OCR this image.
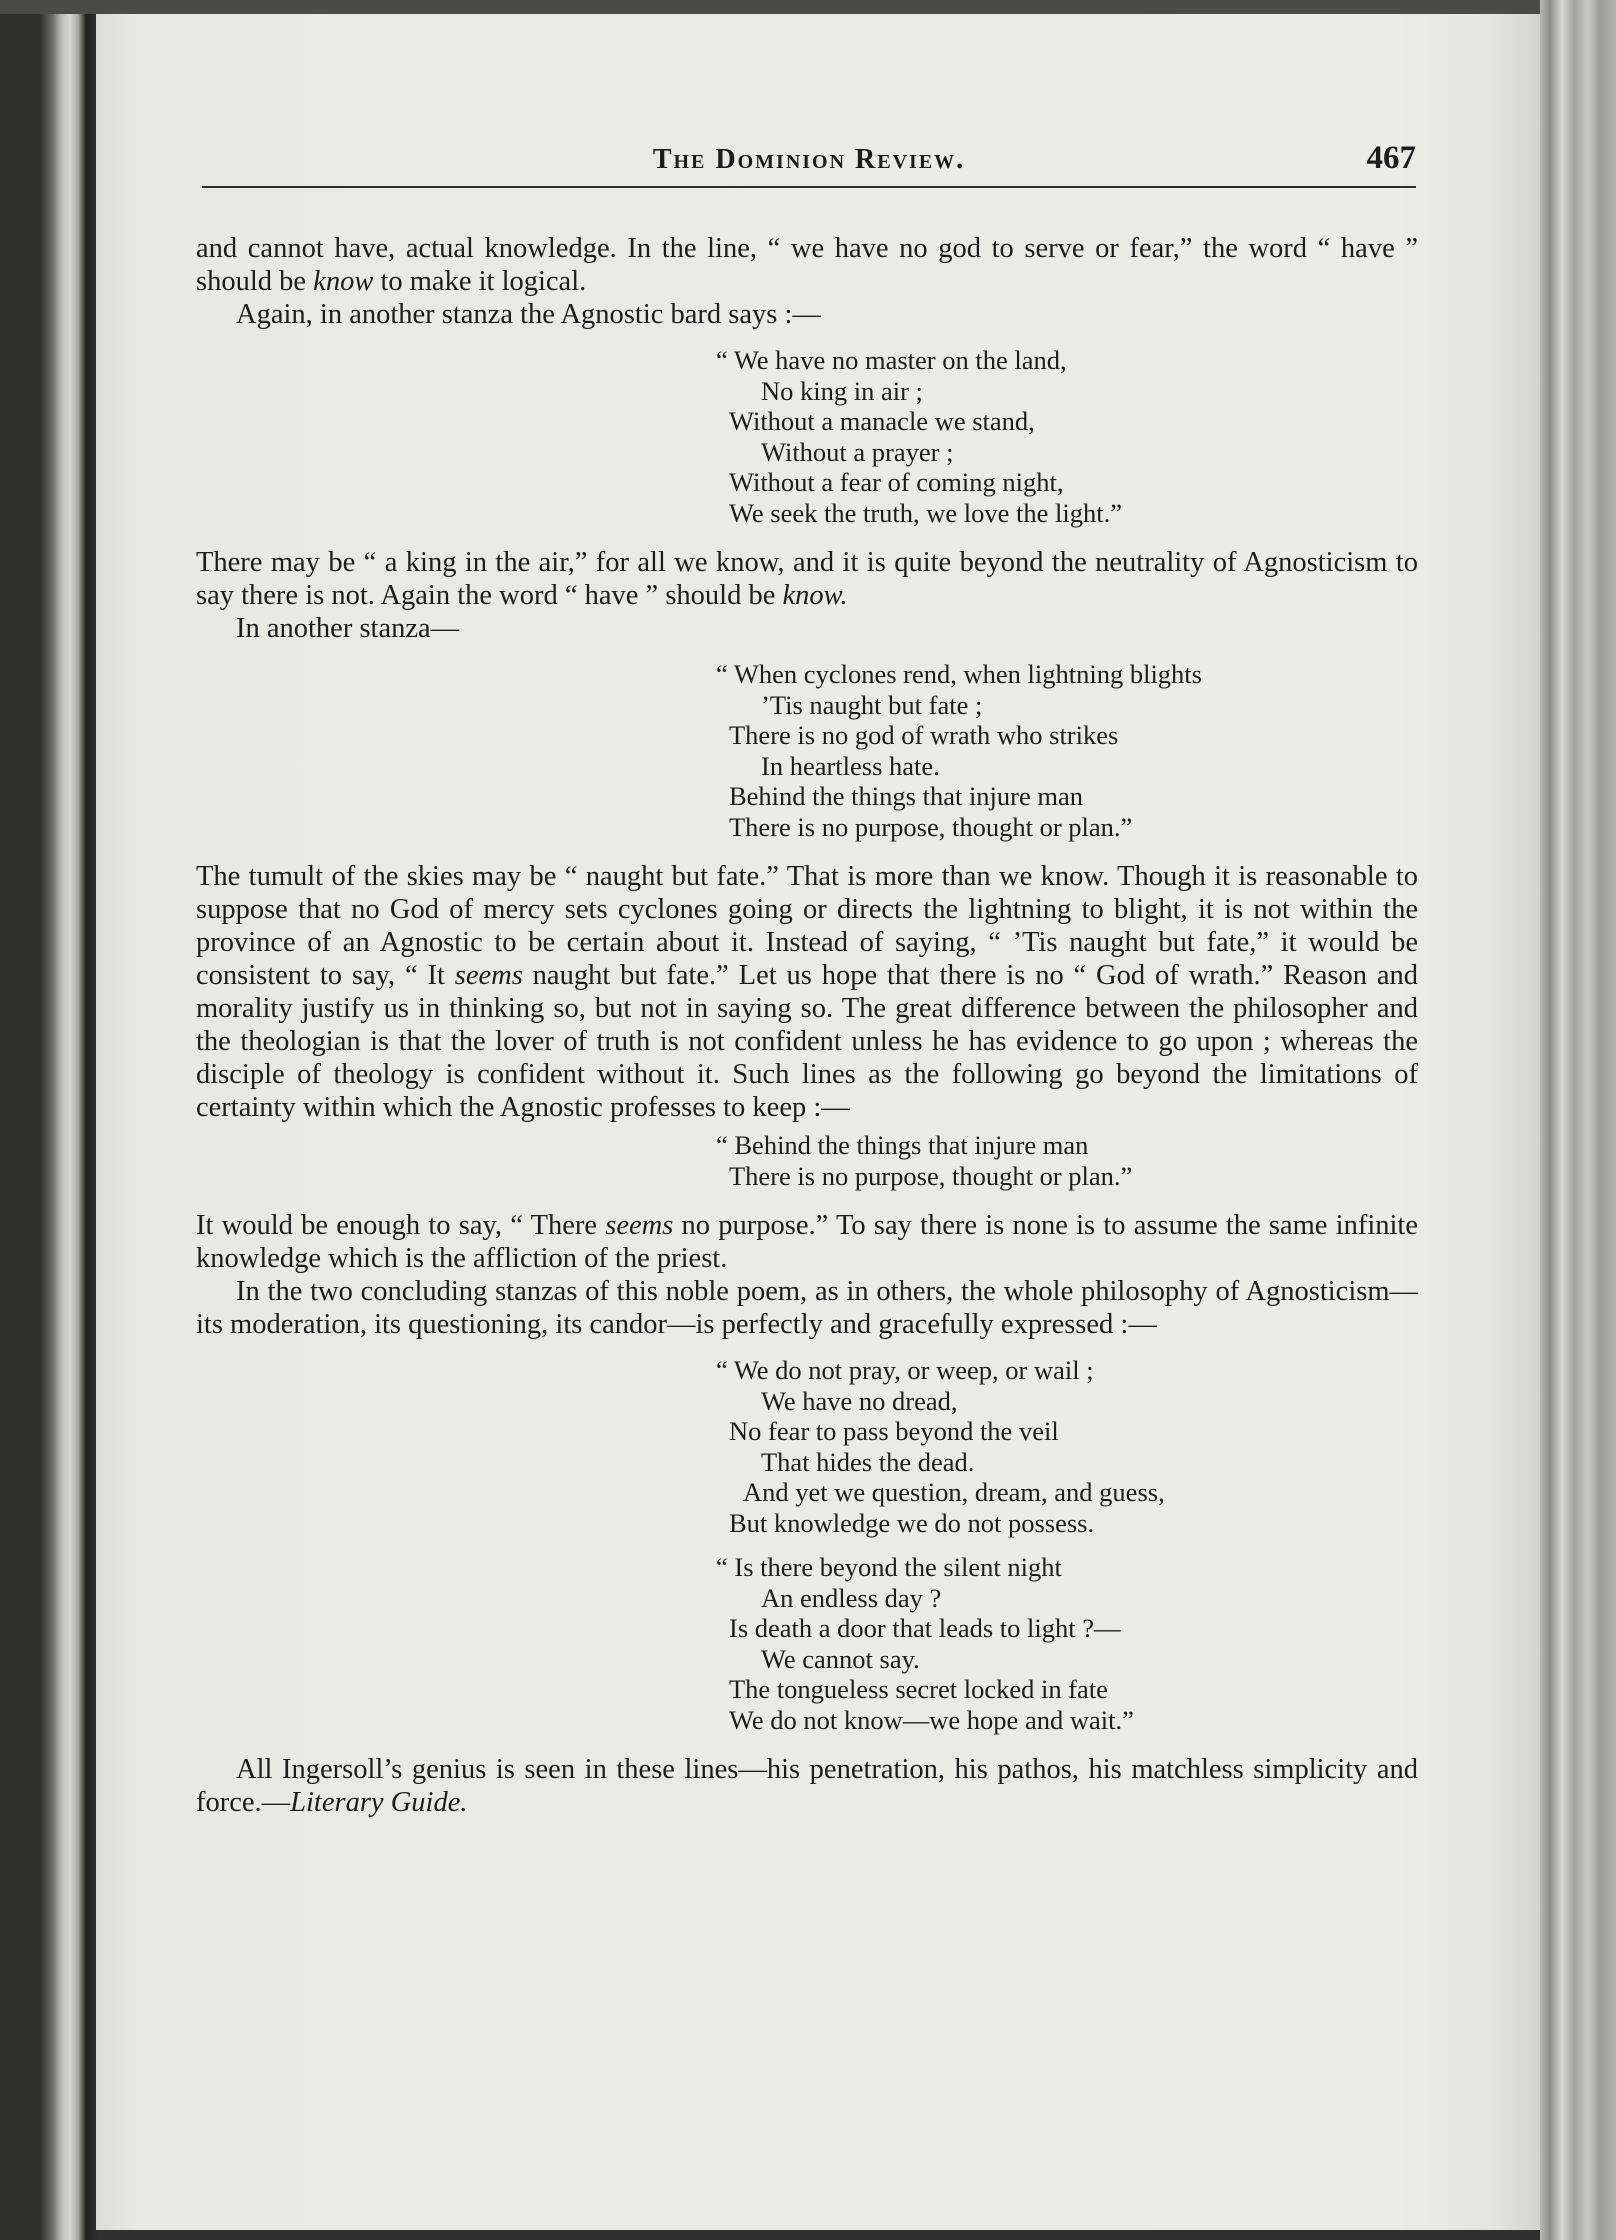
The Dominion Review.	467

and cannot have, actual knowledge. In the line, “ we have no god to serve or fear,” the word “ have ” should be know to make it logical.

Again, in another stanza the Agnostic bard says :—

“ We have no master on the land,
No king in air ;
Without a manacle we stand,
Without a prayer ;
Without a fear of coming night,
We seek the truth, we love the light.”

There may be “ a king in the air,” for all we know, and it is quite beyond the neutrality of Agnosticism to say there is not. Again the word “ have ” should be know.

In another stanza—

“ When cyclones rend, when lightning blights
’Tis naught but fate ;
There is no god of wrath who strikes
In heartless hate.
Behind the things that injure man
There is no purpose, thought or plan.”

The tumult of the skies may be “ naught but fate.” That is more than we know. Though it is reasonable to suppose that no God of mercy sets cyclones going or directs the lightning to blight, it is not within the province of an Agnostic to be certain about it. Instead of saying, “ ’Tis naught but fate,” it would be consistent to say, “ It seems naught but fate.” Let us hope that there is no “ God of wrath.” Reason and morality justify us in thinking so, but not in saying so. The great difference between the philosopher and the theologian is that the lover of truth is not confident unless he has evidence to go upon ; whereas the disciple of theology is confident without it. Such lines as the following go beyond the limitations of certainty within which the Agnostic professes to keep :—

“ Behind the things that injure man
There is no purpose, thought or plan.”

It would be enough to say, “ There seems no purpose.” To say there is none is to assume the same infinite knowledge which is the affliction of the priest.

In the two concluding stanzas of this noble poem, as in others, the whole philosophy of Agnosticism—its moderation, its questioning, its candor—is perfectly and gracefully expressed :—

“ We do not pray, or weep, or wail ;
We have no dread,
No fear to pass beyond the veil
That hides the dead.
And yet we question, dream, and guess,
But knowledge we do not possess.
“ Is there beyond the silent night
An endless day ?
Is death a door that leads to light ?—
We cannot say.
The tongueless secret locked in fate
We do not know—we hope and wait.”

All Ingersoll’s genius is seen in these lines—his penetration, his pathos, his matchless simplicity and force.—Literary Guide.
